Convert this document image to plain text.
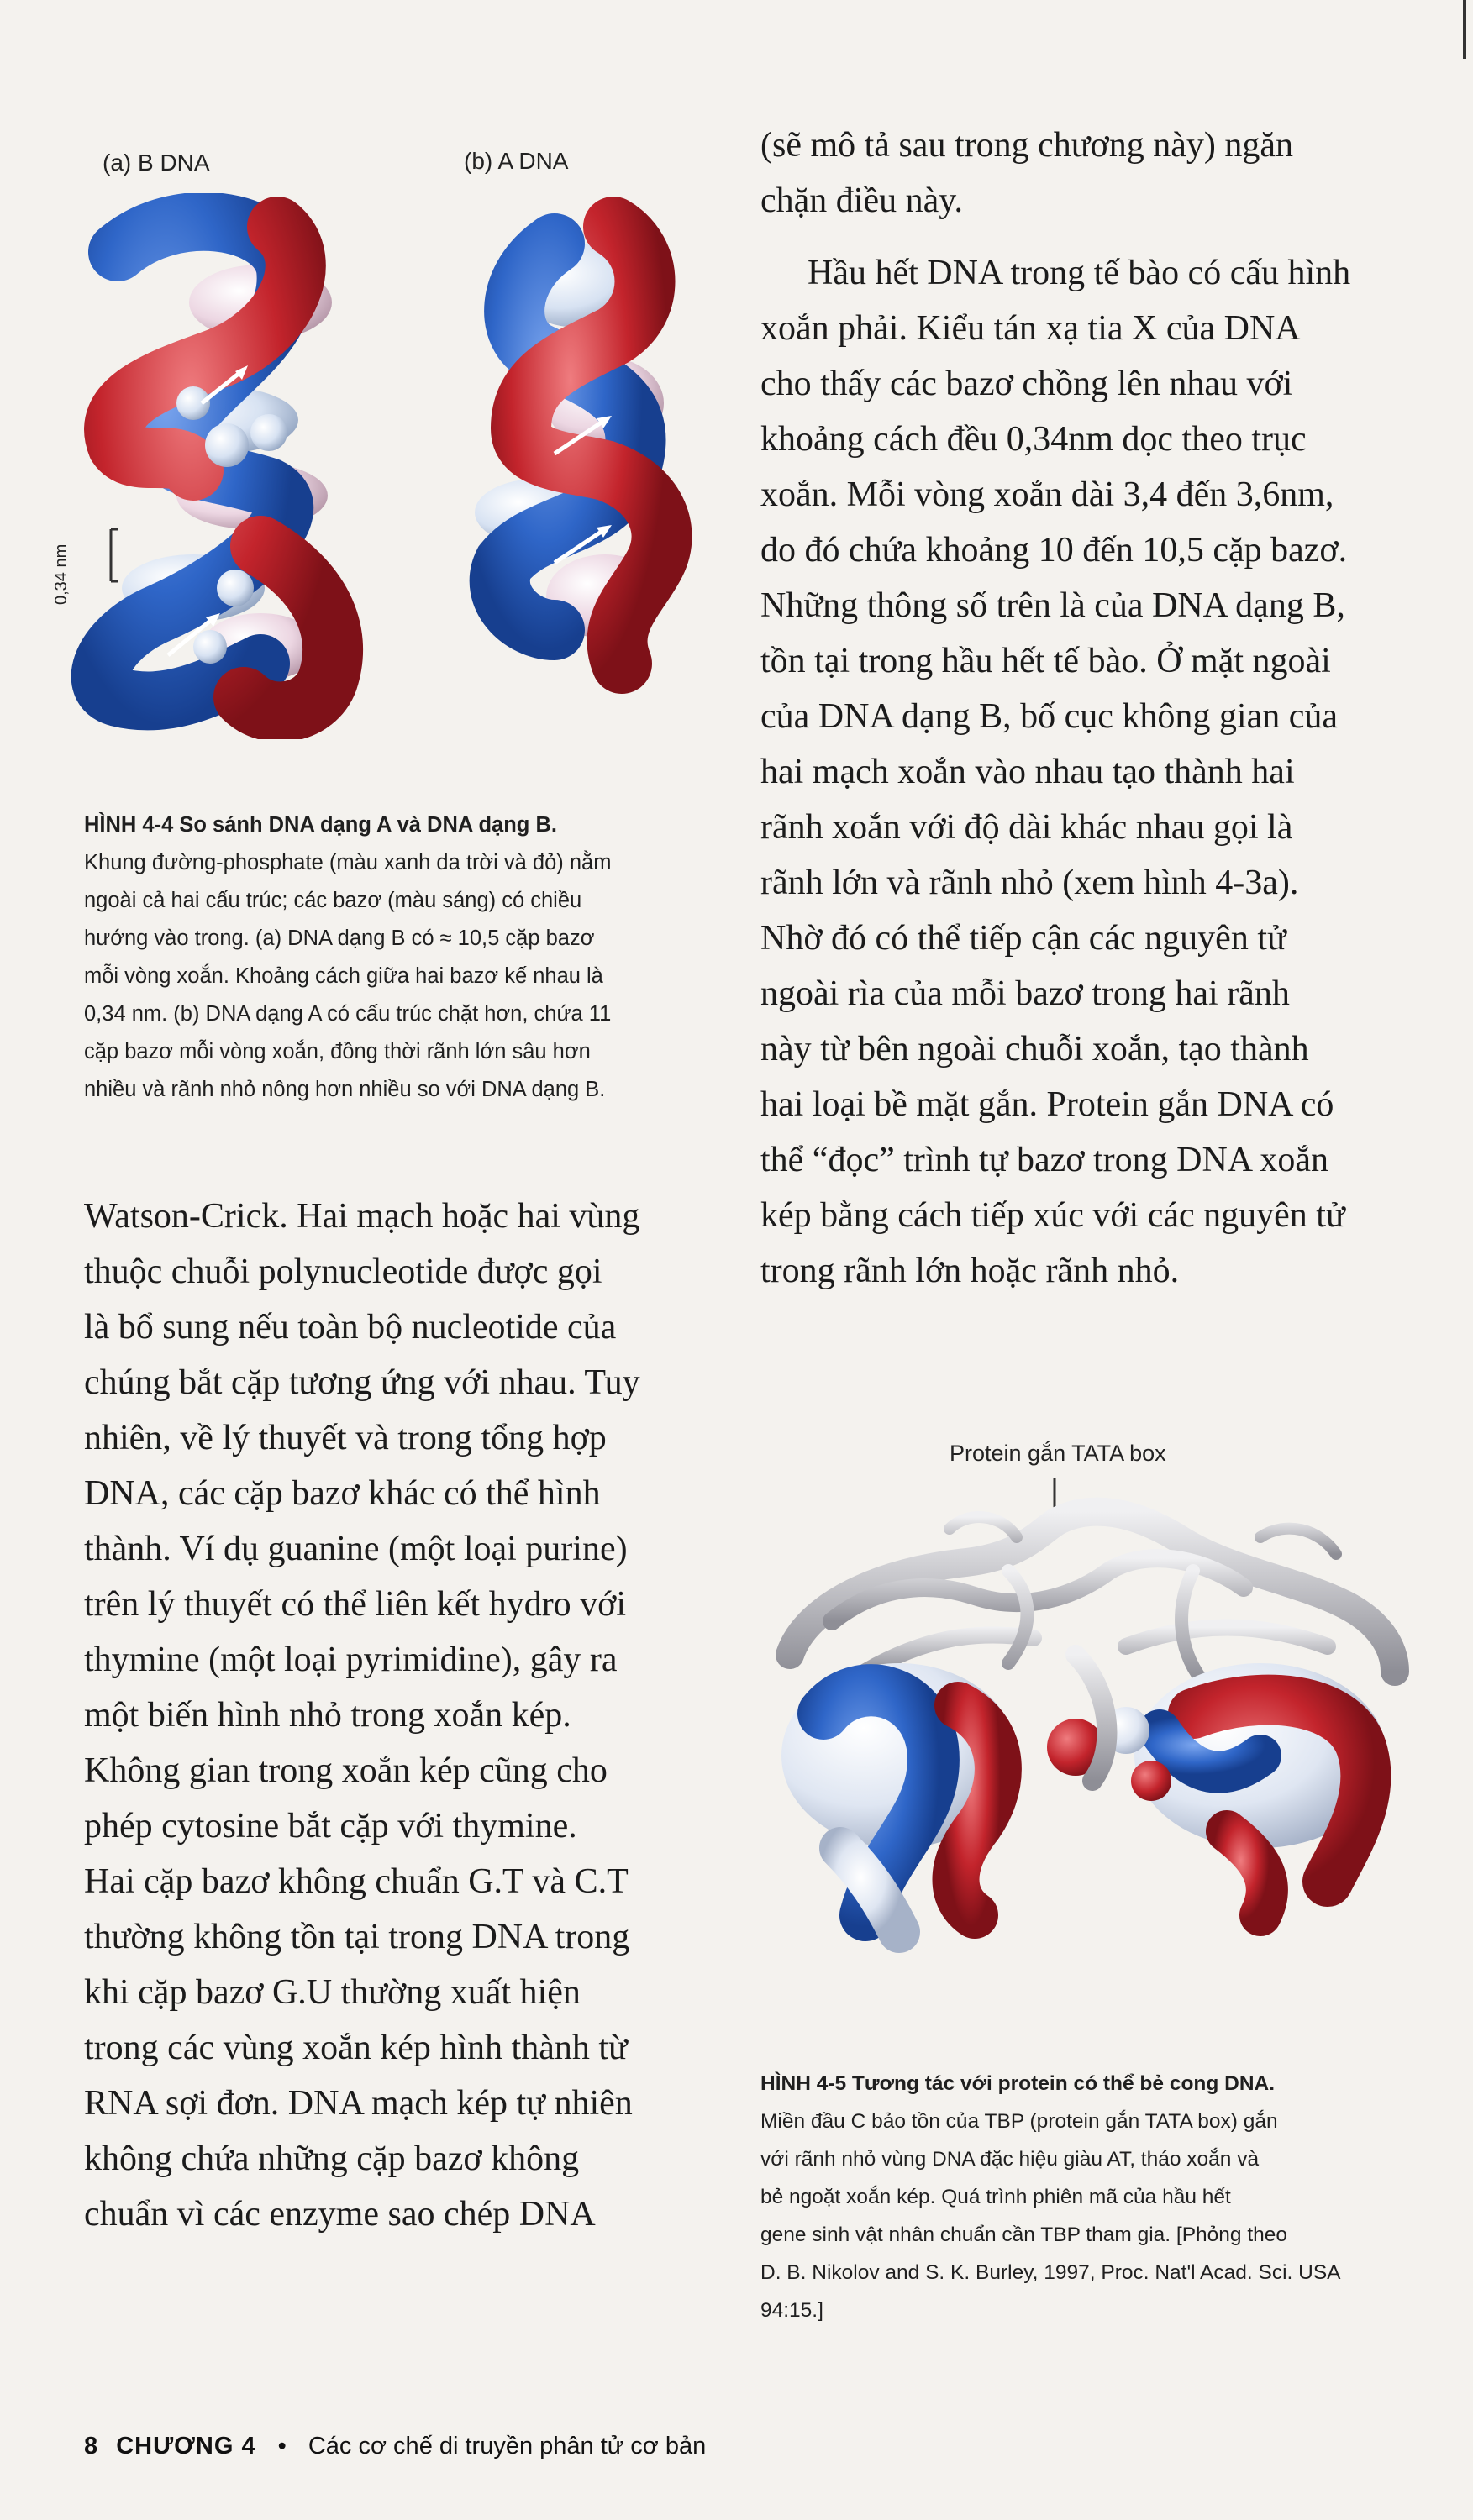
(a) B DNA	(b) A DNA
0,34 nm
HÌNH 4-4 So sánh DNA dạng A và DNA dạng B.
Khung đường-phosphate (màu xanh da trời và đỏ) nằm
ngoài cả hai cấu trúc; các bazơ (màu sáng) có chiều
hướng vào trong. (a) DNA dạng B có ≈ 10,5 cặp bazơ
mỗi vòng xoắn. Khoảng cách giữa hai bazơ kế nhau là
0,34 nm. (b) DNA dạng A có cấu trúc chặt hơn, chứa 11
cặp bazơ mỗi vòng xoắn, đồng thời rãnh lớn sâu hơn
nhiều và rãnh nhỏ nông hơn nhiều so với DNA dạng B.
(sẽ mô tả sau trong chương này) ngăn
chặn điều này.
Hầu hết DNA trong tế bào có cấu hình
xoắn phải. Kiểu tán xạ tia X của DNA
cho thấy các bazơ chồng lên nhau với
khoảng cách đều 0,34nm dọc theo trục
xoắn. Mỗi vòng xoắn dài 3,4 đến 3,6nm,
do đó chứa khoảng 10 đến 10,5 cặp bazơ.
Những thông số trên là của DNA dạng B,
tồn tại trong hầu hết tế bào. Ở mặt ngoài
của DNA dạng B, bố cục không gian của
hai mạch xoắn vào nhau tạo thành hai
rãnh xoắn với độ dài khác nhau gọi là
rãnh lớn và rãnh nhỏ (xem hình 4-3a).
Nhờ đó có thể tiếp cận các nguyên tử
ngoài rìa của mỗi bazơ trong hai rãnh
này từ bên ngoài chuỗi xoắn, tạo thành
hai loại bề mặt gắn. Protein gắn DNA có
thể “đọc” trình tự bazơ trong DNA xoắn
kép bằng cách tiếp xúc với các nguyên tử
trong rãnh lớn hoặc rãnh nhỏ.
Watson-Crick. Hai mạch hoặc hai vùng
thuộc chuỗi polynucleotide được gọi
là bổ sung nếu toàn bộ nucleotide của
chúng bắt cặp tương ứng với nhau. Tuy
nhiên, về lý thuyết và trong tổng hợp
DNA, các cặp bazơ khác có thể hình
thành. Ví dụ guanine (một loại purine)
trên lý thuyết có thể liên kết hydro với
thymine (một loại pyrimidine), gây ra
một biến hình nhỏ trong xoắn kép.
Không gian trong xoắn kép cũng cho
phép cytosine bắt cặp với thymine.
Hai cặp bazơ không chuẩn G.T và C.T
thường không tồn tại trong DNA trong
khi cặp bazơ G.U thường xuất hiện
trong các vùng xoắn kép hình thành từ
RNA sợi đơn. DNA mạch kép tự nhiên
không chứa những cặp bazơ không
chuẩn vì các enzyme sao chép DNA
Protein gắn TATA box
HÌNH 4-5 Tương tác với protein có thể bẻ cong DNA.
Miền đầu C bảo tồn của TBP (protein gắn TATA box) gắn
với rãnh nhỏ vùng DNA đặc hiệu giàu AT, tháo xoắn và
bẻ ngoặt xoắn kép. Quá trình phiên mã của hầu hết
gene sinh vật nhân chuẩn cần TBP tham gia. [Phỏng theo
D. B. Nikolov and S. K. Burley, 1997, Proc. Nat'l Acad. Sci. USA
94:15.]
8 CHƯƠNG 4 • Các cơ chế di truyền phân tử cơ bản
